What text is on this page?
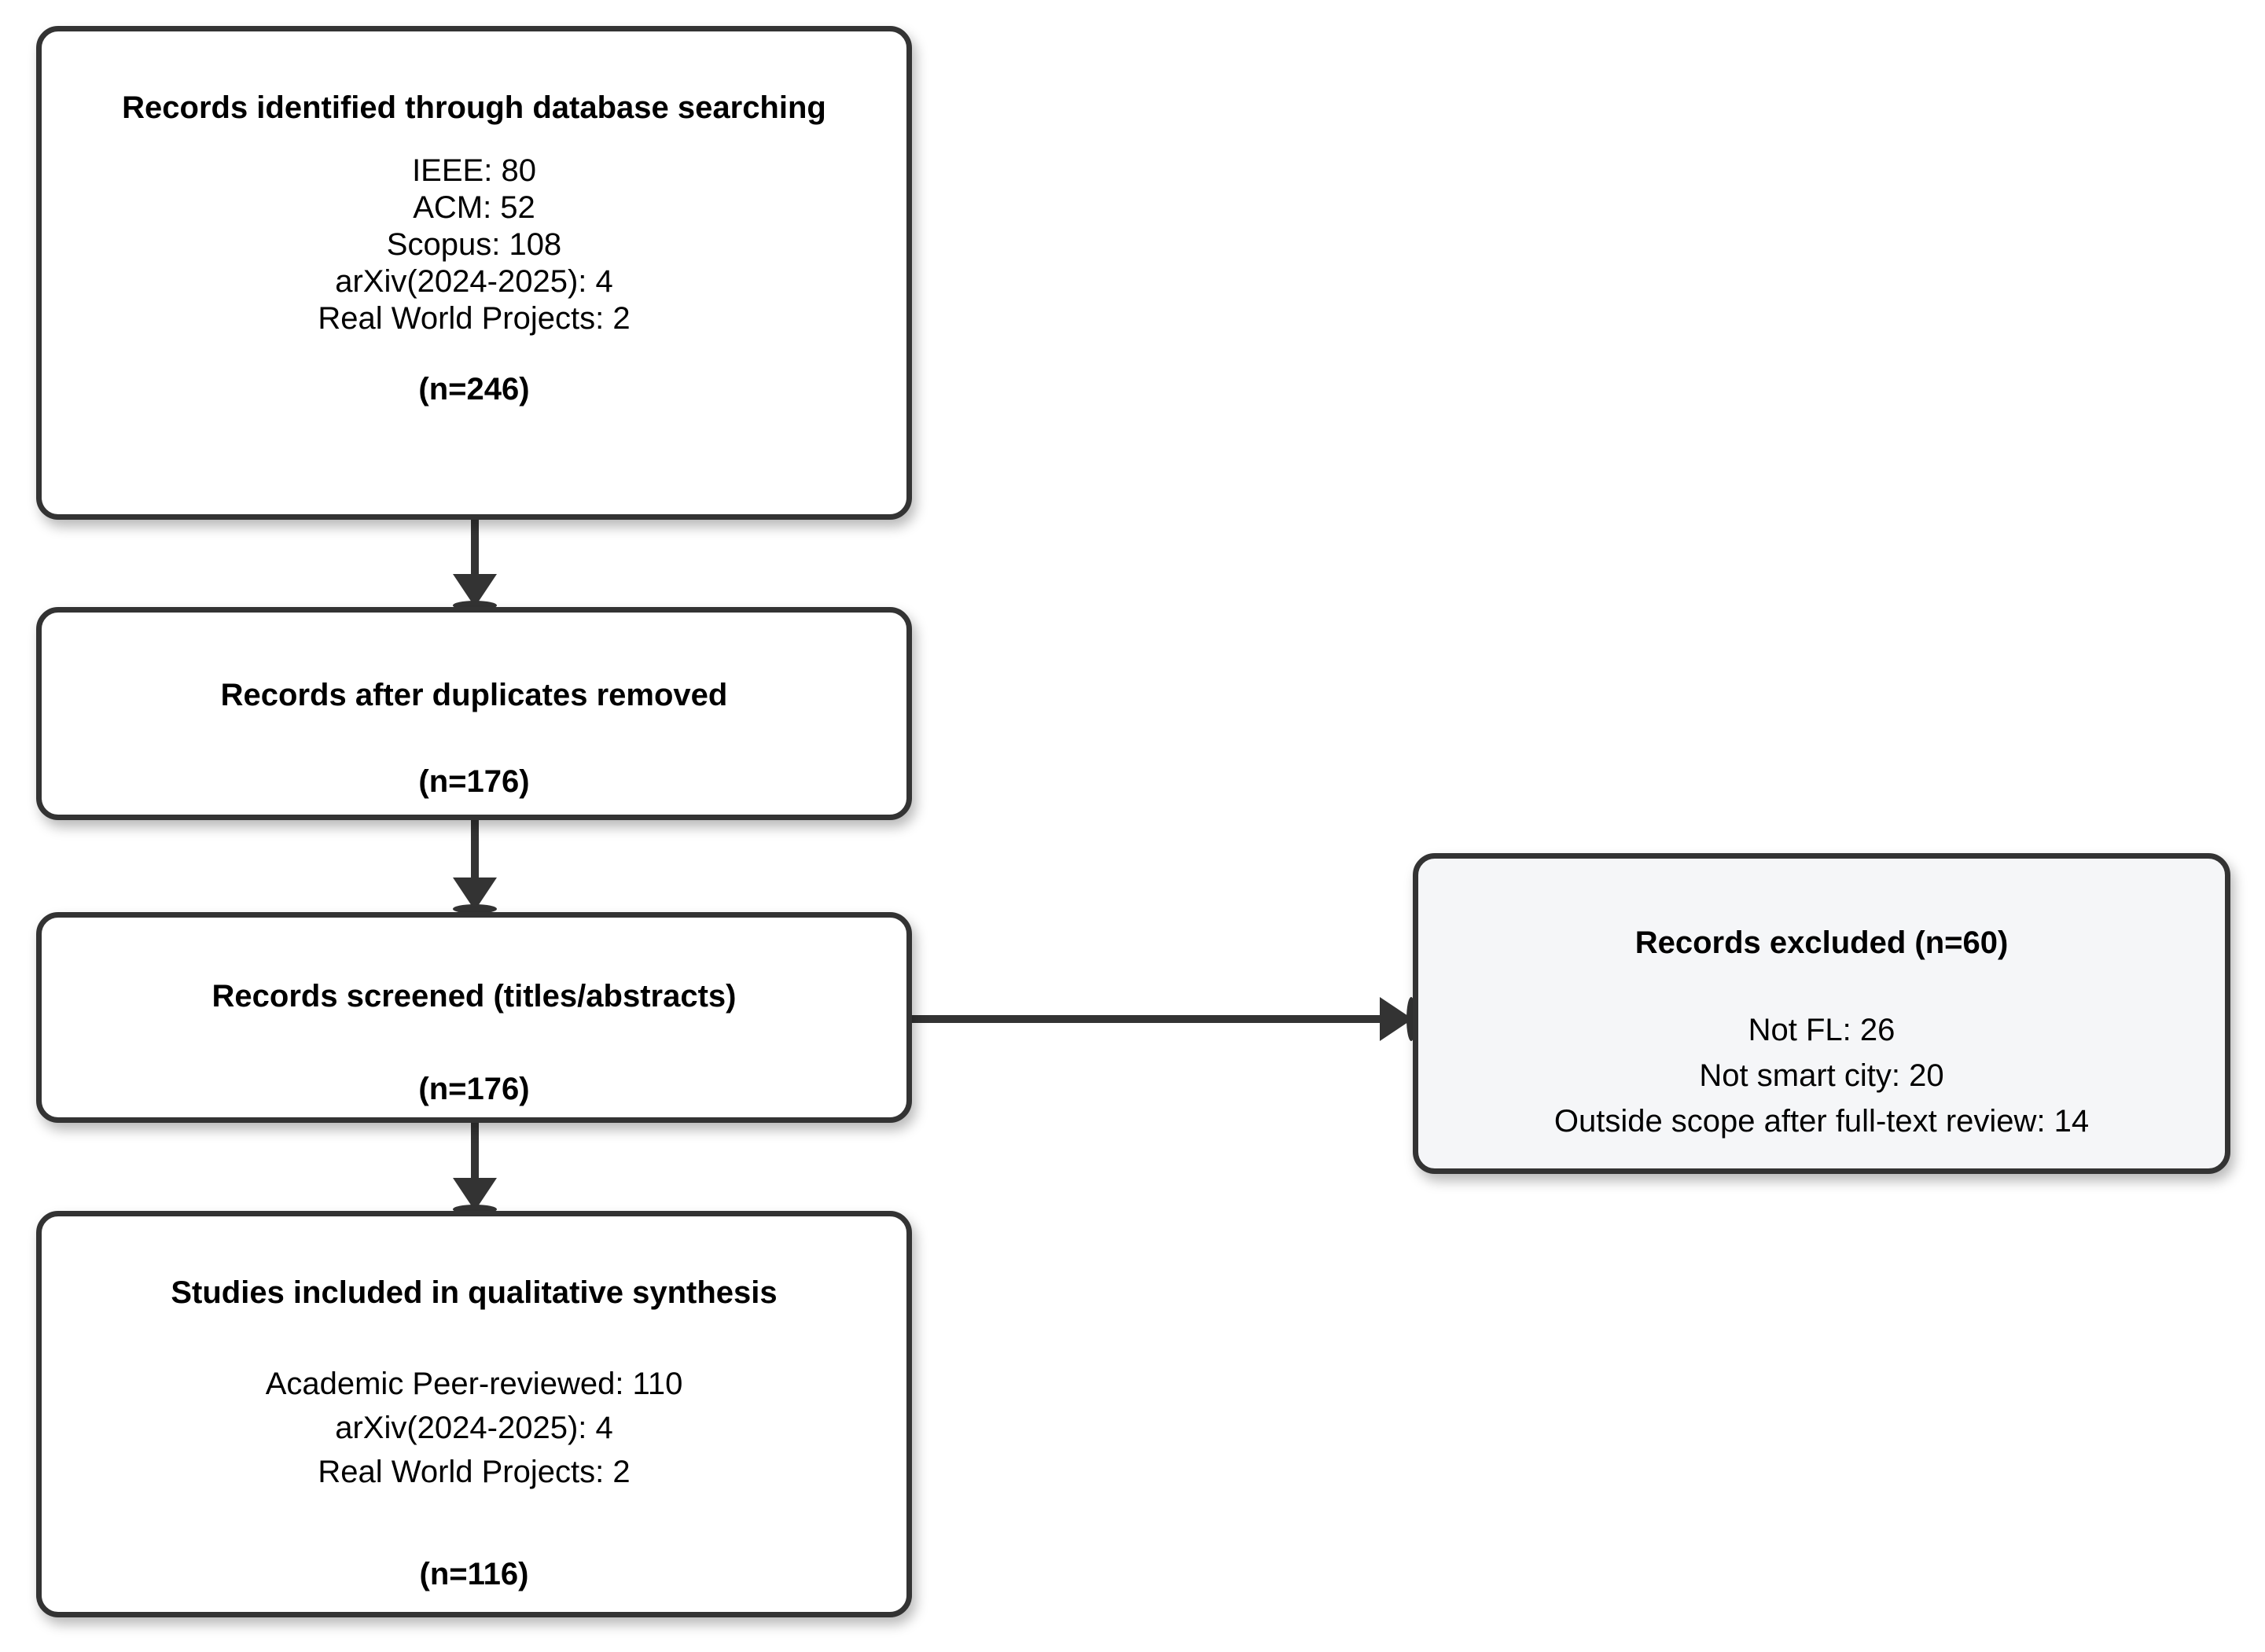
Records identified through database searching
IEEE: 80
ACM: 52
Scopus: 108
arXiv(2024-2025): 4
Real World Projects: 2
(n=246)
Records after duplicates removed
(n=176)
Records screened (titles/abstracts)
(n=176)
Records excluded (n=60)
Not FL: 26
Not smart city: 20
Outside scope after full-text review: 14
Studies included in qualitative synthesis
Academic Peer-reviewed: 110
arXiv(2024-2025): 4
Real World Projects: 2
(n=116)
